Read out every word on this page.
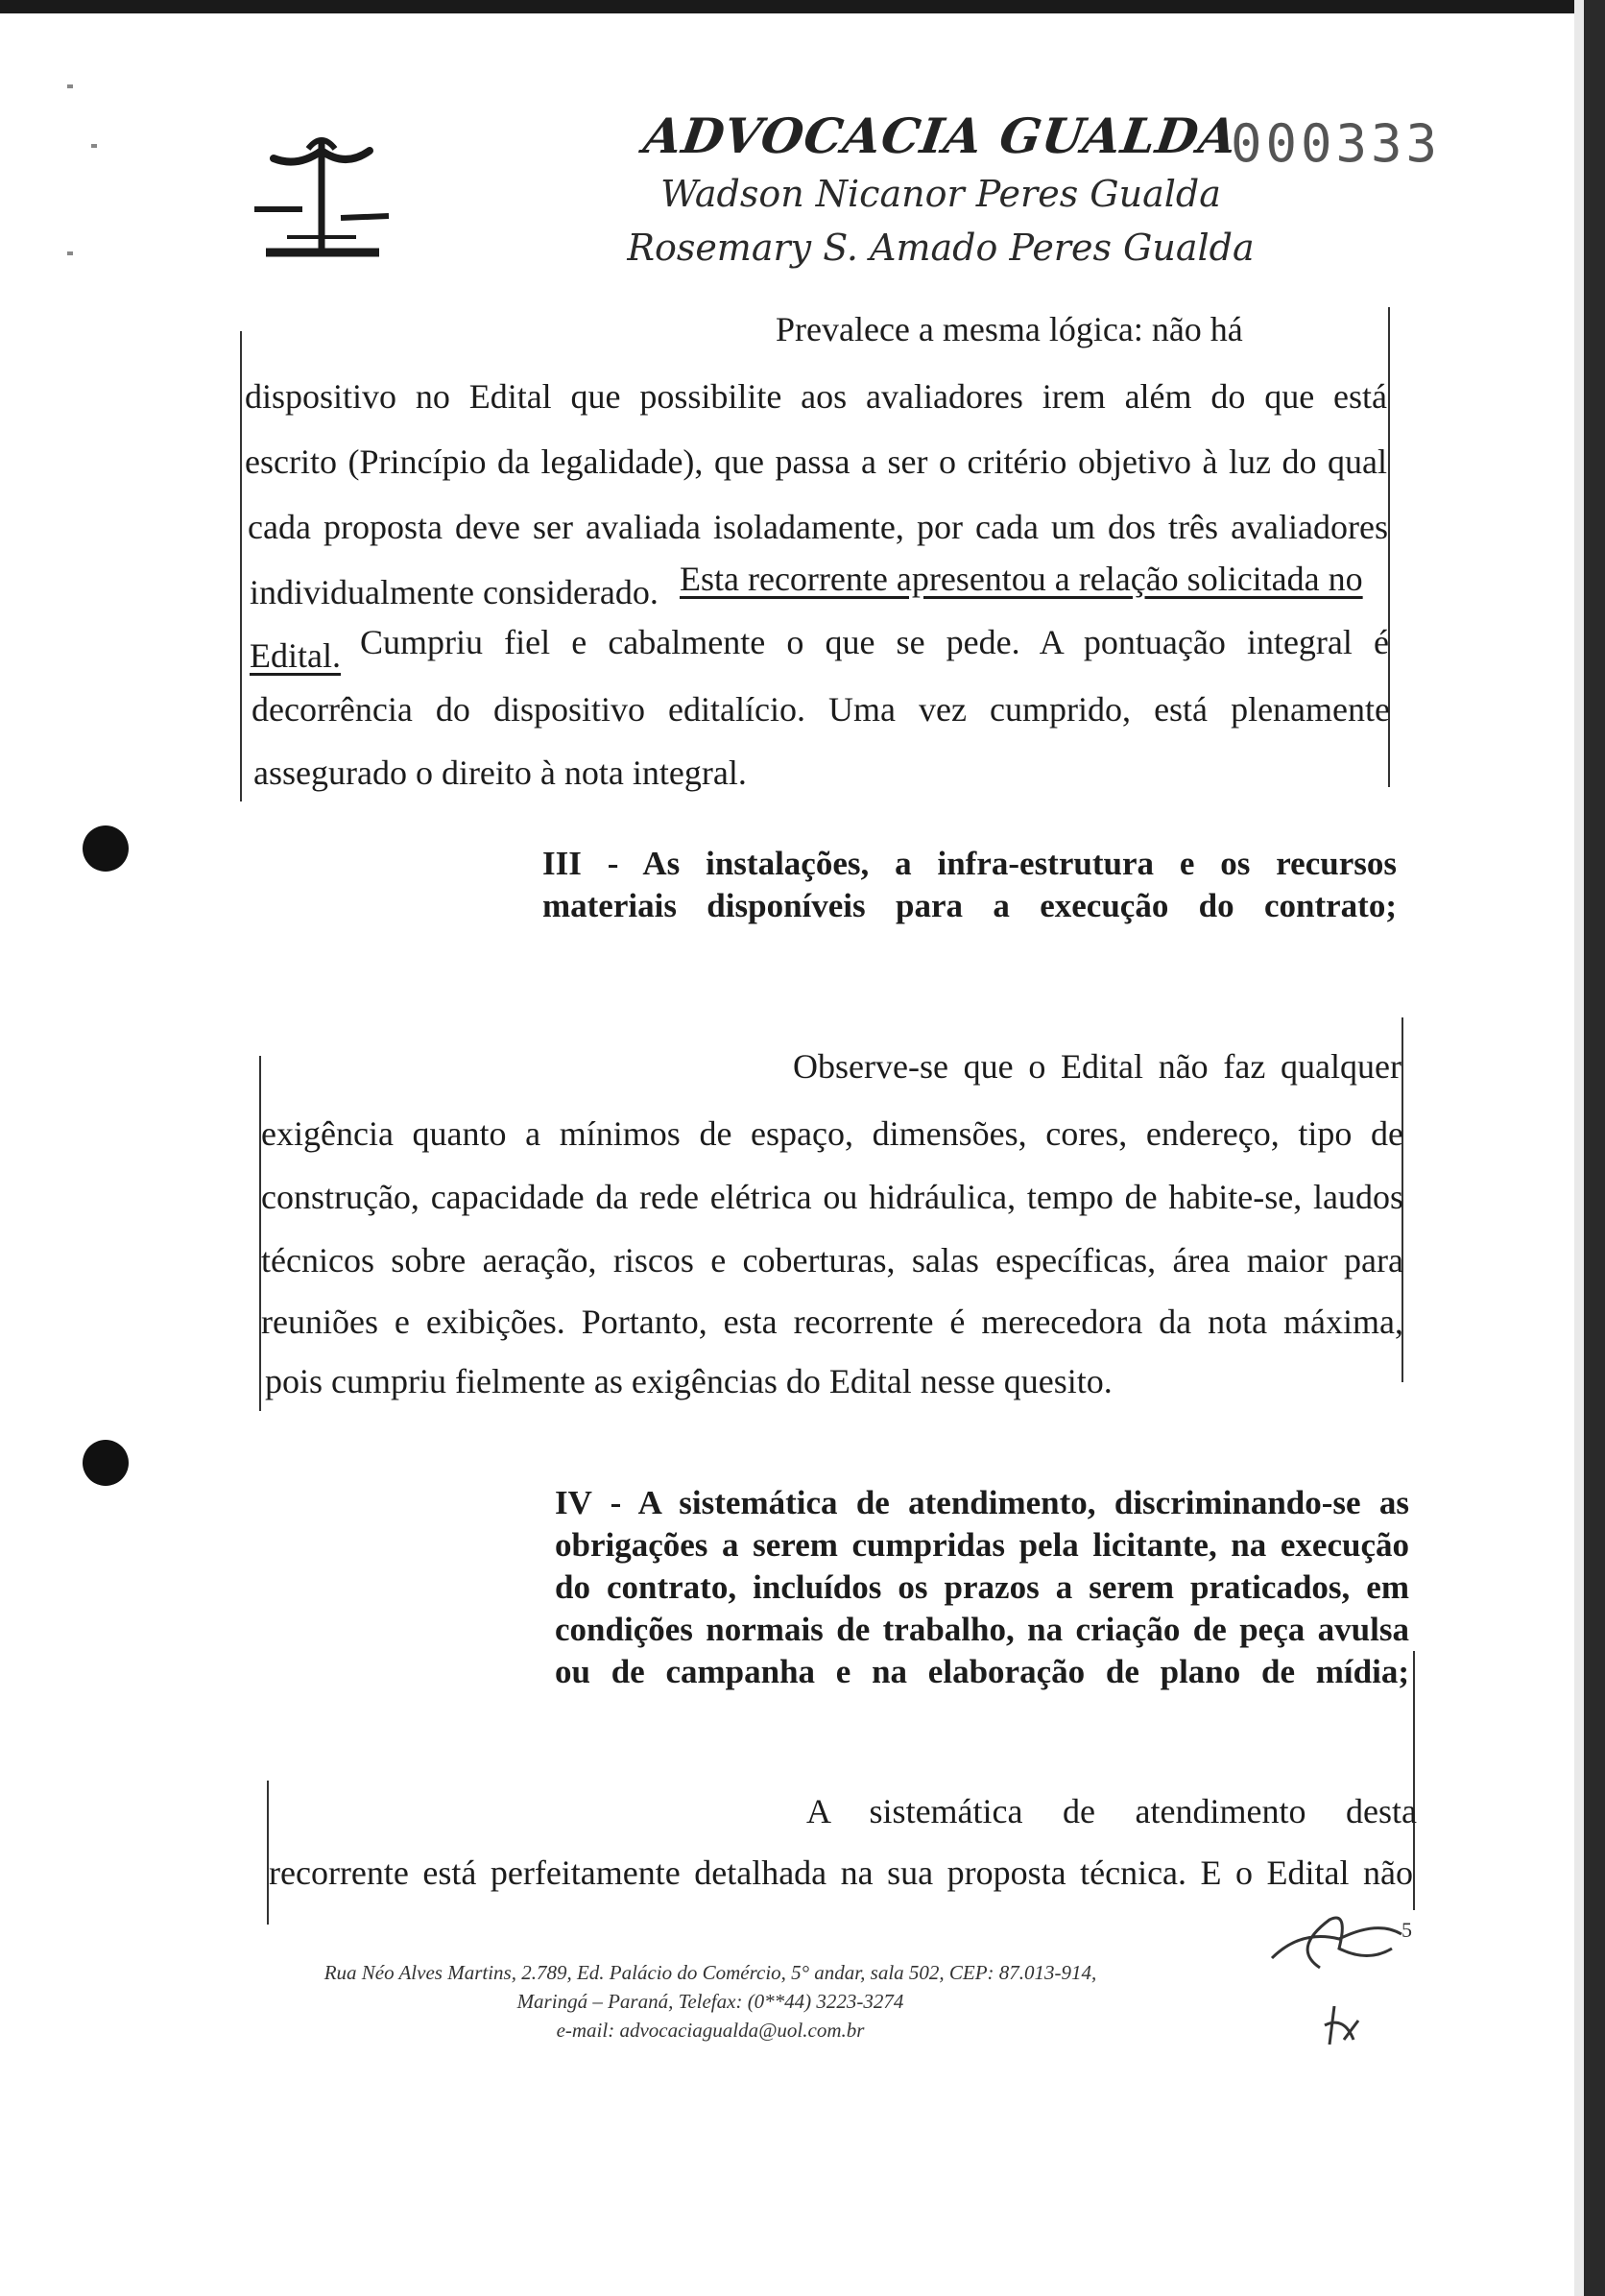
ADVOCACIA GUALDA
Wadson Nicanor Peres Gualda
Rosemary S. Amado Peres Gualda
000333
Prevalece a mesma lógica: não há
dispositivo no Edital que possibilite aos avaliadores irem além do que está
escrito (Princípio da legalidade), que passa a ser o critério objetivo à luz do qual
cada proposta deve ser avaliada isoladamente, por cada um dos três avaliadores
individualmente considerado. Esta recorrente apresentou a relação solicitada no
Edital. Cumpriu fiel e cabalmente o que se pede. A pontuação integral é
decorrência do dispositivo editalício. Uma vez cumprido, está plenamente
assegurado o direito à nota integral.
III - As instalações, a infra-estrutura e os recursos materiais disponíveis para a execução do contrato;
Observe-se que o Edital não faz qualquer
exigência quanto a mínimos de espaço, dimensões, cores, endereço, tipo de
construção, capacidade da rede elétrica ou hidráulica, tempo de habite-se, laudos
técnicos sobre aeração, riscos e coberturas, salas específicas, área maior para
reuniões e exibições. Portanto, esta recorrente é merecedora da nota máxima,
pois cumpriu fielmente as exigências do Edital nesse quesito.
IV - A sistemática de atendimento, discriminando-se as obrigações a serem cumpridas pela licitante, na execução do contrato, incluídos os prazos a serem praticados, em condições normais de trabalho, na criação de peça avulsa ou de campanha e na elaboração de plano de mídia;
A sistemática de atendimento desta
recorrente está perfeitamente detalhada na sua proposta técnica. E o Edital não
5
Rua Néo Alves Martins, 2.789, Ed. Palácio do Comércio, 5° andar, sala 502, CEP: 87.013-914,
Maringá – Paraná, Telefax: (0**44) 3223-3274
e-mail: advocaciagualda@uol.com.br
